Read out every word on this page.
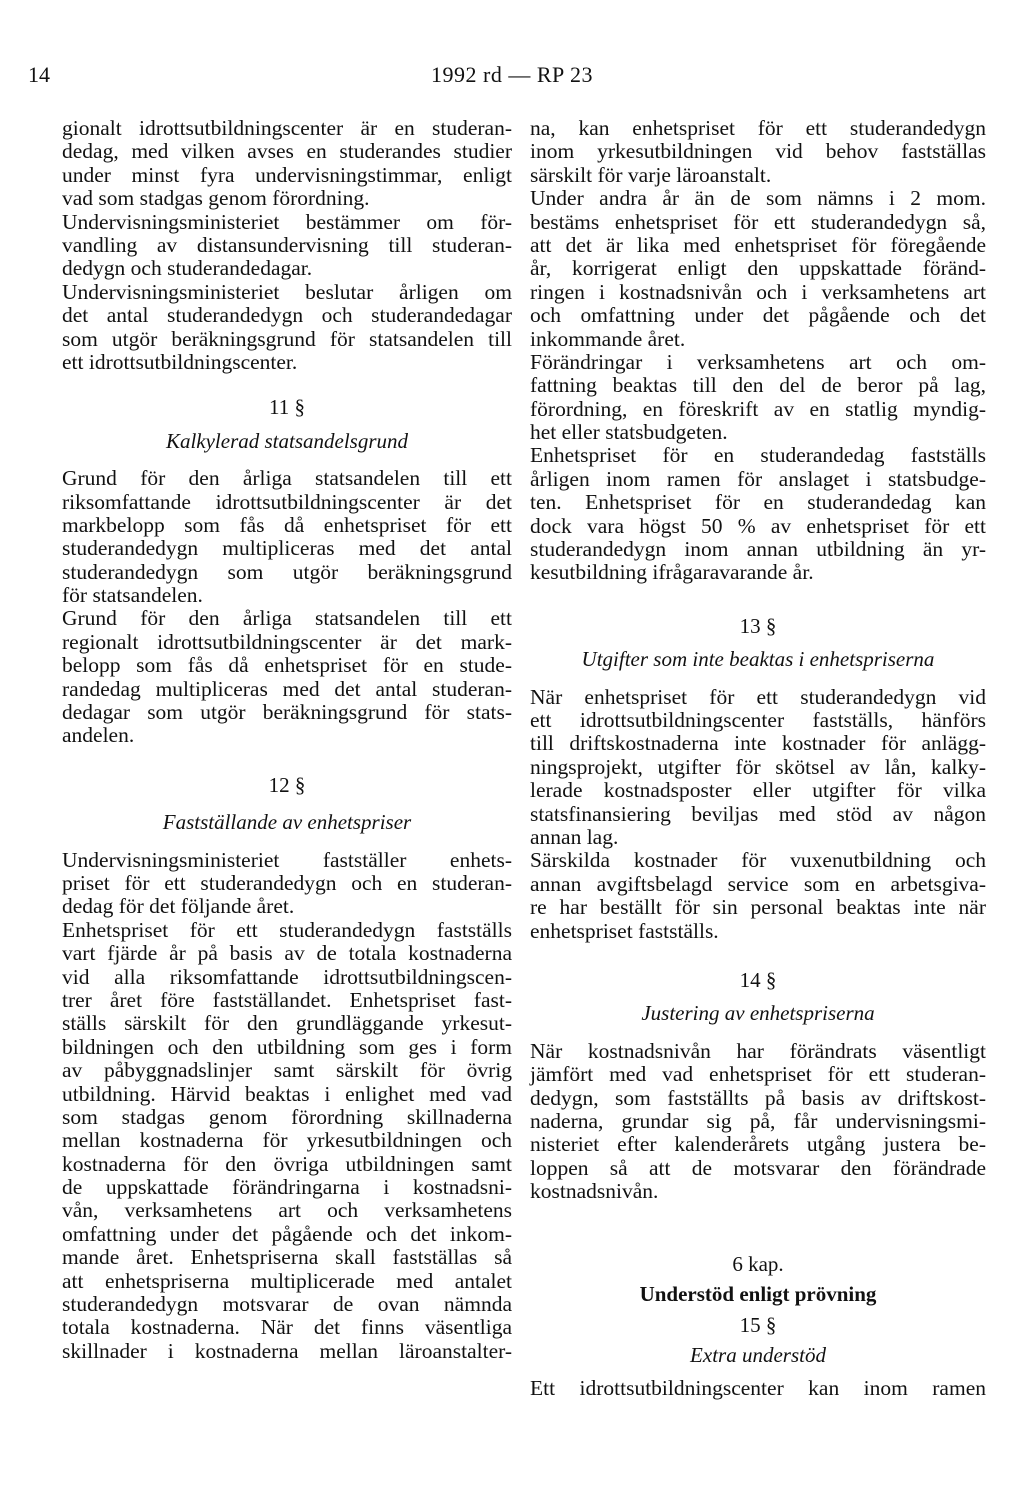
14	1992 rd — RP 23
gionalt idrottsutbildningscenter är en studeran-
dedag, med vilken avses en studerandes studier
under minst fyra undervisningstimmar, enligt
vad som stadgas genom förordning.
Undervisningsministeriet bestämmer om för-
vandling av distansundervisning till studeran-
dedygn och studerandedagar.
Undervisningsministeriet beslutar årligen om
det antal studerandedygn och studerandedagar
som utgör beräkningsgrund för statsandelen till
ett idrottsutbildningscenter.
11 §
Kalkylerad statsandelsgrund
Grund för den årliga statsandelen till ett
riksomfattande idrottsutbildningscenter är det
markbelopp som fås då enhetspriset för ett
studerandedygn multipliceras med det antal
studerandedygn som utgör beräkningsgrund
för statsandelen.
Grund för den årliga statsandelen till ett
regionalt idrottsutbildningscenter är det mark-
belopp som fås då enhetspriset för en stude-
randedag multipliceras med det antal studeran-
dedagar som utgör beräkningsgrund för stats-
andelen.
12 §
Fastställande av enhetspriser
Undervisningsministeriet fastställer enhets-
priset för ett studerandedygn och en studeran-
dedag för det följande året.
Enhetspriset för ett studerandedygn fastställs
vart fjärde år på basis av de totala kostnaderna
vid alla riksomfattande idrottsutbildningscen-
trer året före fastställandet. Enhetspriset fast-
ställs särskilt för den grundläggande yrkesut-
bildningen och den utbildning som ges i form
av påbyggnadslinjer samt särskilt för övrig
utbildning. Härvid beaktas i enlighet med vad
som stadgas genom förordning skillnaderna
mellan kostnaderna för yrkesutbildningen och
kostnaderna för den övriga utbildningen samt
de uppskattade förändringarna i kostnadsni-
vån, verksamhetens art och verksamhetens
omfattning under det pågående och det inkom-
mande året. Enhetspriserna skall fastställas så
att enhetspriserna multiplicerade med antalet
studerandedygn motsvarar de ovan nämnda
totala kostnaderna. När det finns väsentliga
skillnader i kostnaderna mellan läroanstalter-
na, kan enhetspriset för ett studerandedygn
inom yrkesutbildningen vid behov fastställas
särskilt för varje läroanstalt.
Under andra år än de som nämns i 2 mom.
bestäms enhetspriset för ett studerandedygn så,
att det är lika med enhetspriset för föregående
år, korrigerat enligt den uppskattade föränd-
ringen i kostnadsnivån och i verksamhetens art
och omfattning under det pågående och det
inkommande året.
Förändringar i verksamhetens art och om-
fattning beaktas till den del de beror på lag,
förordning, en föreskrift av en statlig myndig-
het eller statsbudgeten.
Enhetspriset för en studerandedag fastställs
årligen inom ramen för anslaget i statsbudge-
ten. Enhetspriset för en studerandedag kan
dock vara högst 50 % av enhetspriset för ett
studerandedygn inom annan utbildning än yr-
kesutbildning ifrågaravarande år.
13 §
Utgifter som inte beaktas i enhetspriserna
När enhetspriset för ett studerandedygn vid
ett idrottsutbildningscenter fastställs, hänförs
till driftskostnaderna inte kostnader för anlägg-
ningsprojekt, utgifter för skötsel av lån, kalky-
lerade kostnadsposter eller utgifter för vilka
statsfinansiering beviljas med stöd av någon
annan lag.
Särskilda kostnader för vuxenutbildning och
annan avgiftsbelagd service som en arbetsgiva-
re har beställt för sin personal beaktas inte när
enhetspriset fastställs.
14 §
Justering av enhetspriserna
När kostnadsnivån har förändrats väsentligt
jämfört med vad enhetspriset för ett studeran-
dedygn, som fastställts på basis av driftskost-
naderna, grundar sig på, får undervisningsmi-
nisteriet efter kalenderårets utgång justera be-
loppen så att de motsvarar den förändrade
kostnadsnivån.
6 kap.
Understöd enligt prövning
15 §
Extra understöd
Ett idrottsutbildningscenter kan inom ramen
